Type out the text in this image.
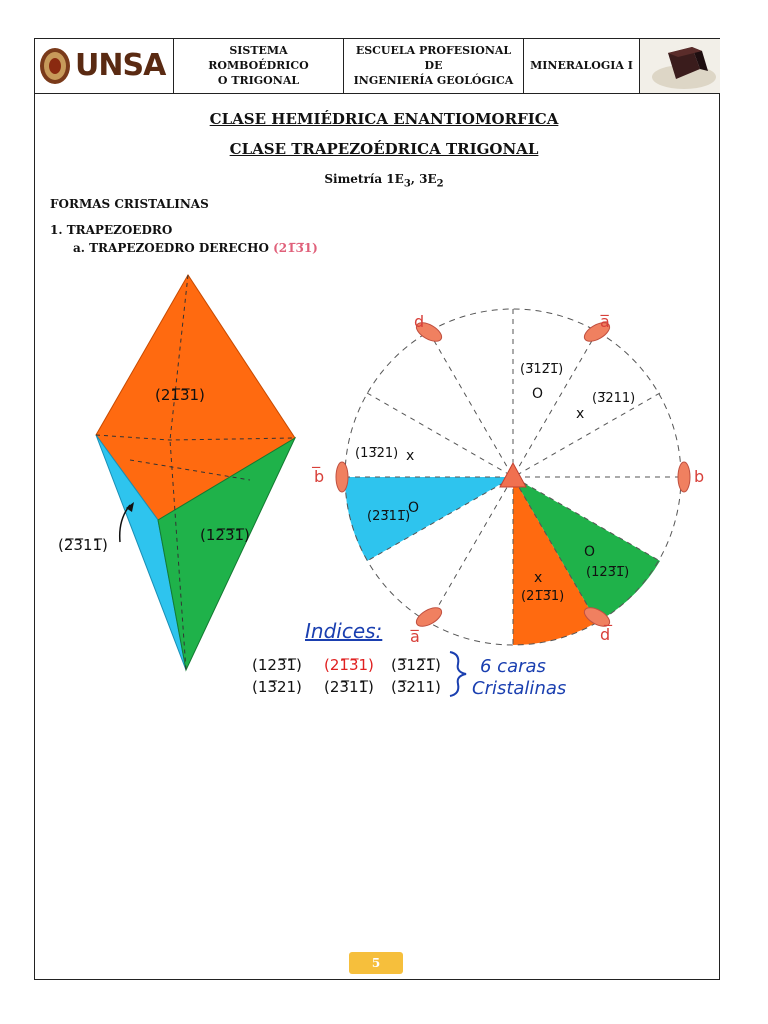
UNSA	SISTEMA ROMBOÉDRICO
O TRIGONAL
ESCUELA PROFESIONAL DE
INGENIERÍA GEOLÓGICA
MINERALOGIA I
CLASE HEMIÉDRICA ENANTIOMORFICA
CLASE TRAPEZOÉDRICA TRIGONAL
Simetría $1E_3$, $3E_2$
FORMAS CRISTALINAS
1. TRAPEZOEDRO
a. TRAPEZOEDRO DERECHO (21̅3̅1)
(21̅3̅1)
(12̅3̅1̅)
(2̅3̅11̅)
d	a̅
b
b̅
a̅	d̅
(3̅12̅1̅)
O	(3̅211)
x
(13̅21) x
(23̅11̅)
O
x
(21̅3̅1)
O
(123̅1̅)
Indices:
(123̅1̅) (21̅3̅1) (3̅12̅1̅)
(13̅21) (23̅11̅) (3̅211)
6 caras
Cristalinas
5
